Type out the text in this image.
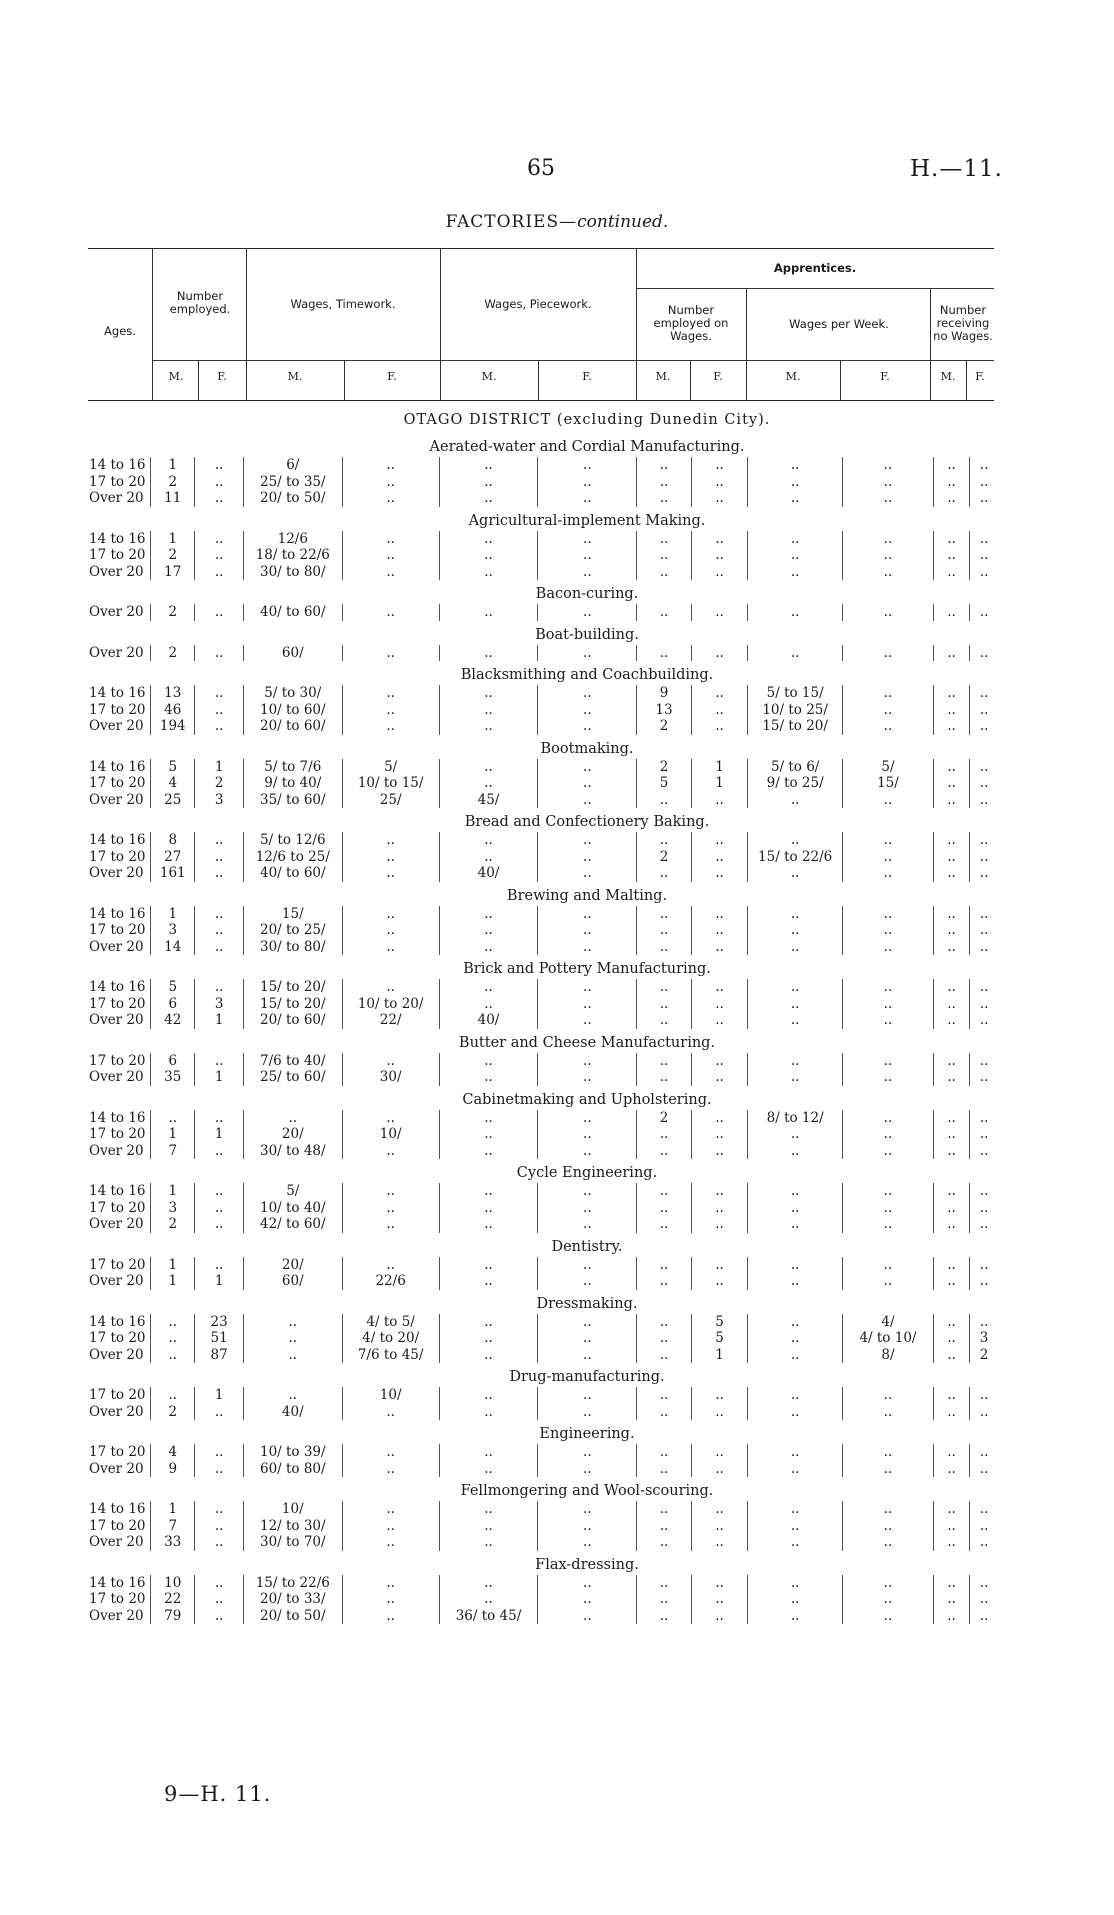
65	H.—11.
FACTORIES—continued.
Ages.
Number employed.	Wages, Timework.	Wages, Piecework.
Apprentices.
Number employed on Wages.
Wages per Week.
Number receiving no Wages.
M.	F.	M.	F.	M.	F.	M.	F.	M.	F.	M.	F.
OTAGO DISTRICT (excluding Dunedin City).
Aerated-water and Cordial Manufacturing.
14 to 16	1	..	6/	..	..	..	..	..	..	..	..	..
17 to 20	2	..	25/ to 35/	..	..	..	..	..	..	..	..	..
Over 20	11	..	20/ to 50/	..	..	..	..	..	..	..	..	..
Agricultural-implement Making.
14 to 16	1	..	12/6	..	..	..	..	..	..	..	..	..
17 to 20	2	..	18/ to 22/6	..	..	..	..	..	..	..	..	..
Over 20	17	..	30/ to 80/	..	..	..	..	..	..	..	..	..
Bacon-curing.
Over 20	2	..	40/ to 60/	..	..	..	..	..	..	..	..	..
Boat-building.
Over 20	2	..	60/	..	..	..	..	..	..	..	..	..
Blacksmithing and Coachbuilding.
14 to 16	13	..	5/ to 30/	..	..	..	9	..	5/ to 15/	..	..	..
17 to 20	46	..	10/ to 60/	..	..	..	13	..	10/ to 25/	..	..	..
Over 20	194	..	20/ to 60/	..	..	..	2	..	15/ to 20/	..	..	..
Bootmaking.
14 to 16	5	1	5/ to 7/6	5/	..	..	2	1	5/ to 6/	5/	..	..
17 to 20	4	2	9/ to 40/	10/ to 15/	..	..	5	1	9/ to 25/	15/	..	..
Over 20	25	3	35/ to 60/	25/	45/	..	..	..	..	..	..	..
Bread and Confectionery Baking.
14 to 16	8	..	5/ to 12/6	..	..	..	..	..	..	..	..	..
17 to 20	27	..	12/6 to 25/	..	..	..	2	..	15/ to 22/6	..	..	..
Over 20	161	..	40/ to 60/	..	40/	..	..	..	..	..	..	..
Brewing and Malting.
14 to 16	1	..	15/	..	..	..	..	..	..	..	..	..
17 to 20	3	..	20/ to 25/	..	..	..	..	..	..	..	..	..
Over 20	14	..	30/ to 80/	..	..	..	..	..	..	..	..	..
Brick and Pottery Manufacturing.
14 to 16	5	..	15/ to 20/	..	..	..	..	..	..	..	..	..
17 to 20	6	3	15/ to 20/	10/ to 20/	..	..	..	..	..	..	..	..
Over 20	42	1	20/ to 60/	22/	40/	..	..	..	..	..	..	..
Butter and Cheese Manufacturing.
17 to 20	6	..	7/6 to 40/	..	..	..	..	..	..	..	..	..
Over 20	35	1	25/ to 60/	30/	..	..	..	..	..	..	..	..
Cabinetmaking and Upholstering.
14 to 16	..	..	..	..	..	..	2	..	8/ to 12/	..	..	..
17 to 20	1	1	20/	10/	..	..	..	..	..	..	..	..
Over 20	7	..	30/ to 48/	..	..	..	..	..	..	..	..	..
Cycle Engineering.
14 to 16	1	..	5/	..	..	..	..	..	..	..	..	..
17 to 20	3	..	10/ to 40/	..	..	..	..	..	..	..	..	..
Over 20	2	..	42/ to 60/	..	..	..	..	..	..	..	..	..
Dentistry.
17 to 20	1	..	20/	..	..	..	..	..	..	..	..	..
Over 20	1	1	60/	22/6	..	..	..	..	..	..	..	..
Dressmaking.
14 to 16	..	23	..	4/ to 5/	..	..	..	5	..	4/	..	..
17 to 20	..	51	..	4/ to 20/	..	..	..	5	..	4/ to 10/	..	3
Over 20	..	87	..	7/6 to 45/	..	..	..	1	..	8/	..	2
Drug-manufacturing.
17 to 20	..	1	..	10/	..	..	..	..	..	..	..	..
Over 20	2	..	40/	..	..	..	..	..	..	..	..	..
Engineering.
17 to 20	4	..	10/ to 39/	..	..	..	..	..	..	..	..	..
Over 20	9	..	60/ to 80/	..	..	..	..	..	..	..	..	..
Fellmongering and Wool-scouring.
14 to 16	1	..	10/	..	..	..	..	..	..	..	..	..
17 to 20	7	..	12/ to 30/	..	..	..	..	..	..	..	..	..
Over 20	33	..	30/ to 70/	..	..	..	..	..	..	..	..	..
Flax-dressing.
14 to 16	10	..	15/ to 22/6	..	..	..	..	..	..	..	..	..
17 to 20	22	..	20/ to 33/	..	..	..	..	..	..	..	..	..
Over 20	79	..	20/ to 50/	..	36/ to 45/	..	..	..	..	..	..	..
9—H. 11.
